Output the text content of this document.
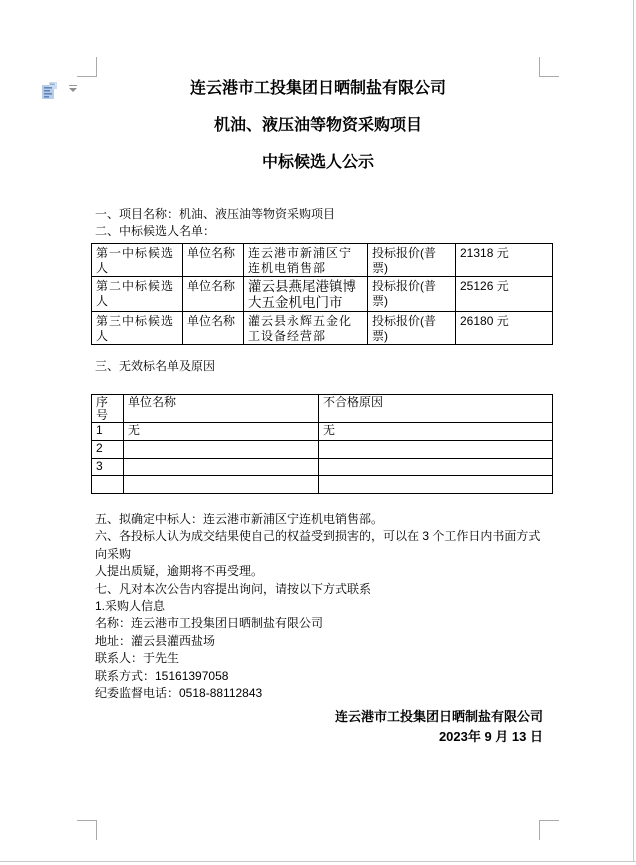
连云港市工投集团日晒制盐有限公司
机油、液压油等物资采购项目
中标候选人公示
一、项目名称：机油、液压油等物资采购项目
二、中标候选人名单：
第一中标候选人	单位名称	连云港市新浦区宁连机电销售部	投标报价(普票)	21318 元
第二中标候选人	单位名称	灌云县燕尾港镇博大五金机电门市	投标报价(普票)	25126 元
第三中标候选人	单位名称	灌云县永辉五金化工设备经营部	投标报价(普票)	26180 元
三、无效标名单及原因
序号	单位名称	不合格原因
1	无	无
2		
3		

五、拟确定中标人：连云港市新浦区宁连机电销售部。
六、各投标人认为成交结果使自己的权益受到损害的，可以在 3 个工作日内书面方式向采购
人提出质疑，逾期将不再受理。
七、凡对本次公告内容提出询问，请按以下方式联系
1.采购人信息
名称：连云港市工投集团日晒制盐有限公司
地址：灌云县灌西盐场
联系人：于先生
联系方式：15161397058
纪委监督电话：0518-88112843
连云港市工投集团日晒制盐有限公司
2023年 9 月 13 日
